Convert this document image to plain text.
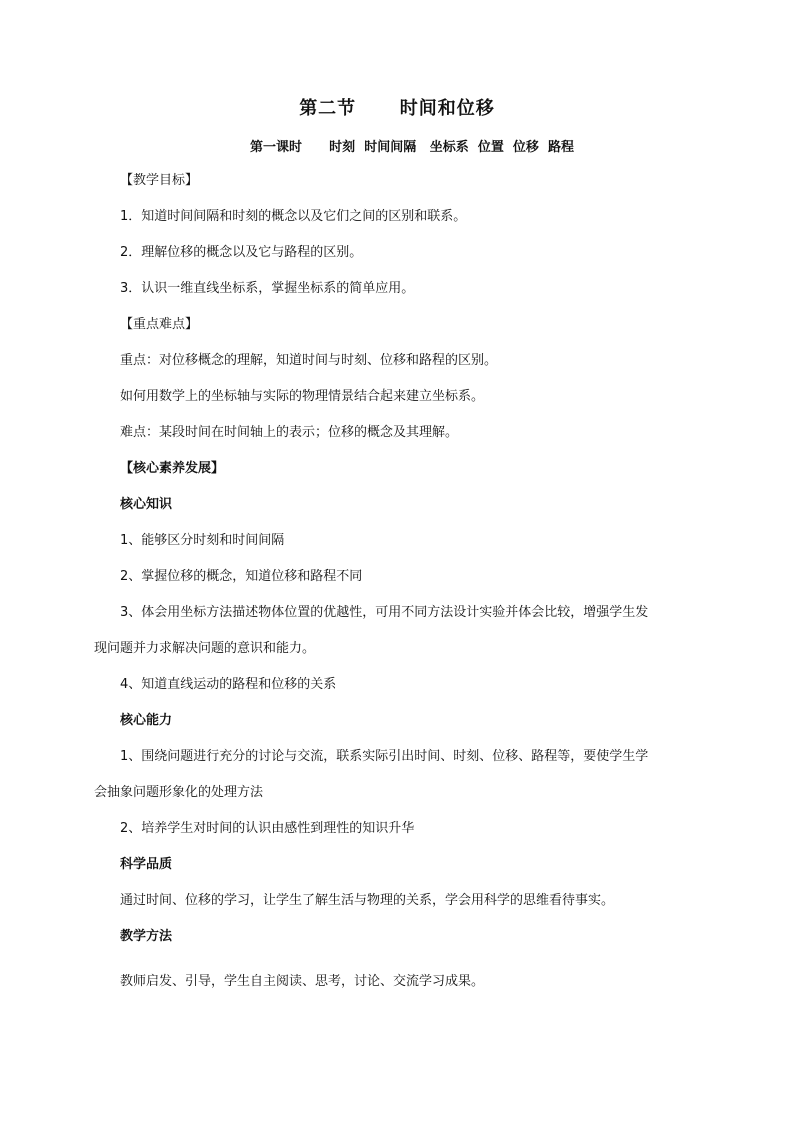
第二节      时间和位移
第一课时      时刻  时间间隔   坐标系  位置  位移  路程
【教学目标】
1．知道时间间隔和时刻的概念以及它们之间的区别和联系。
2．理解位移的概念以及它与路程的区别。
3．认识一维直线坐标系，掌握坐标系的简单应用。
【重点难点】
重点：对位移概念的理解，知道时间与时刻、位移和路程的区别。
如何用数学上的坐标轴与实际的物理情景结合起来建立坐标系。
难点：某段时间在时间轴上的表示；位移的概念及其理解。
【核心素养发展】
核心知识
1、能够区分时刻和时间间隔
2、掌握位移的概念，知道位移和路程不同
3、体会用坐标方法描述物体位置的优越性，可用不同方法设计实验并体会比较，增强学生发
现问题并力求解决问题的意识和能力。
4、知道直线运动的路程和位移的关系
核心能力
1、围绕问题进行充分的讨论与交流，联系实际引出时间、时刻、位移、路程等，要使学生学
会抽象问题形象化的处理方法
2、培养学生对时间的认识由感性到理性的知识升华
科学品质
通过时间、位移的学习，让学生了解生活与物理的关系，学会用科学的思维看待事实。
教学方法
教师启发、引导，学生自主阅读、思考，讨论、交流学习成果。
